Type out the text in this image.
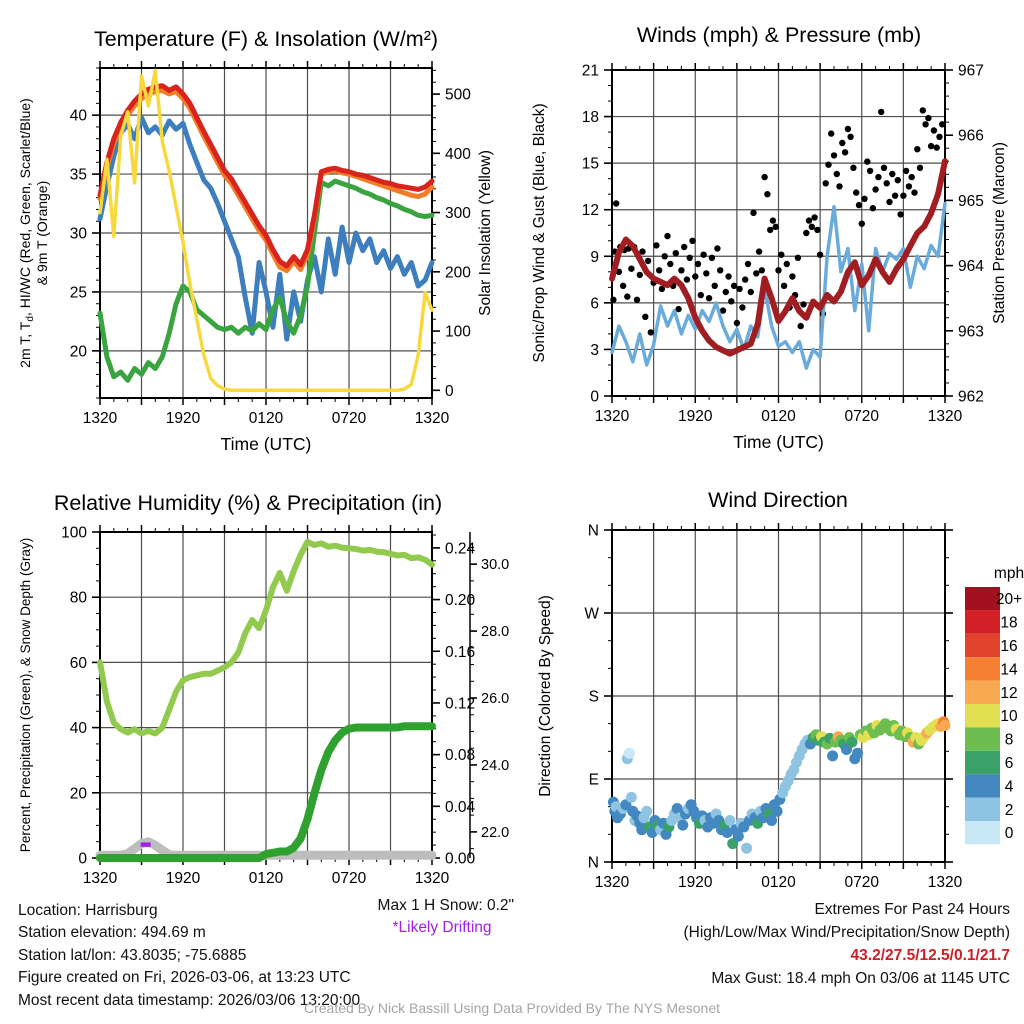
1320	1920	0120	0720	1320
20
25
30
35
40
0
100
200
300
400
500
Temperature (F) & Insolation (W/m²)
Time (UTC)
2m T, $T_d$, HI/WC (Red, Green, Scarlet/Blue) & 9m T (Orange)	Solar Insolation (Yellow)
1320	1920	0120	0720	1320
0
3
6
9
12
15
18
21
962
963
964
965
966
967
Winds (mph) & Pressure (mb)
Time (UTC)
Sonic/Prop Wind & Gust (Blue, Black)	Station Pressure (Maroon)
1320	1920	0120	0720	1320
0
20
40
60
80
100
0.00
0.04
0.08
0.12
0.16
0.20
0.24
22.0
24.0
26.0
28.0
30.0
Relative Humidity (%) & Precipitation (in)
Percent, Precipitation (Green), & Snow Depth (Gray)
1320	1920	0120	0720	1320
N
E
S
W
N
Wind Direction
Direction (Colored By Speed)
mph
20+
18
16
14
12
10
8
6
4
2
0
Location: Harrisburg
Station elevation: 494.69 m
Station lat/lon: 43.8035; -75.6885
Figure created on Fri, 2026-03-06, at 13:23 UTC
Most recent data timestamp: 2026/03/06 13:20:00
Max 1 H Snow: 0.2"
*Likely Drifting
Extremes For Past 24 Hours
(High/Low/Max Wind/Precipitation/Snow Depth)
43.2/27.5/12.5/0.1/21.7
Max Gust: 18.4 mph On 03/06 at 1145 UTC
Created By Nick Bassill Using Data Provided By The NYS Mesonet
